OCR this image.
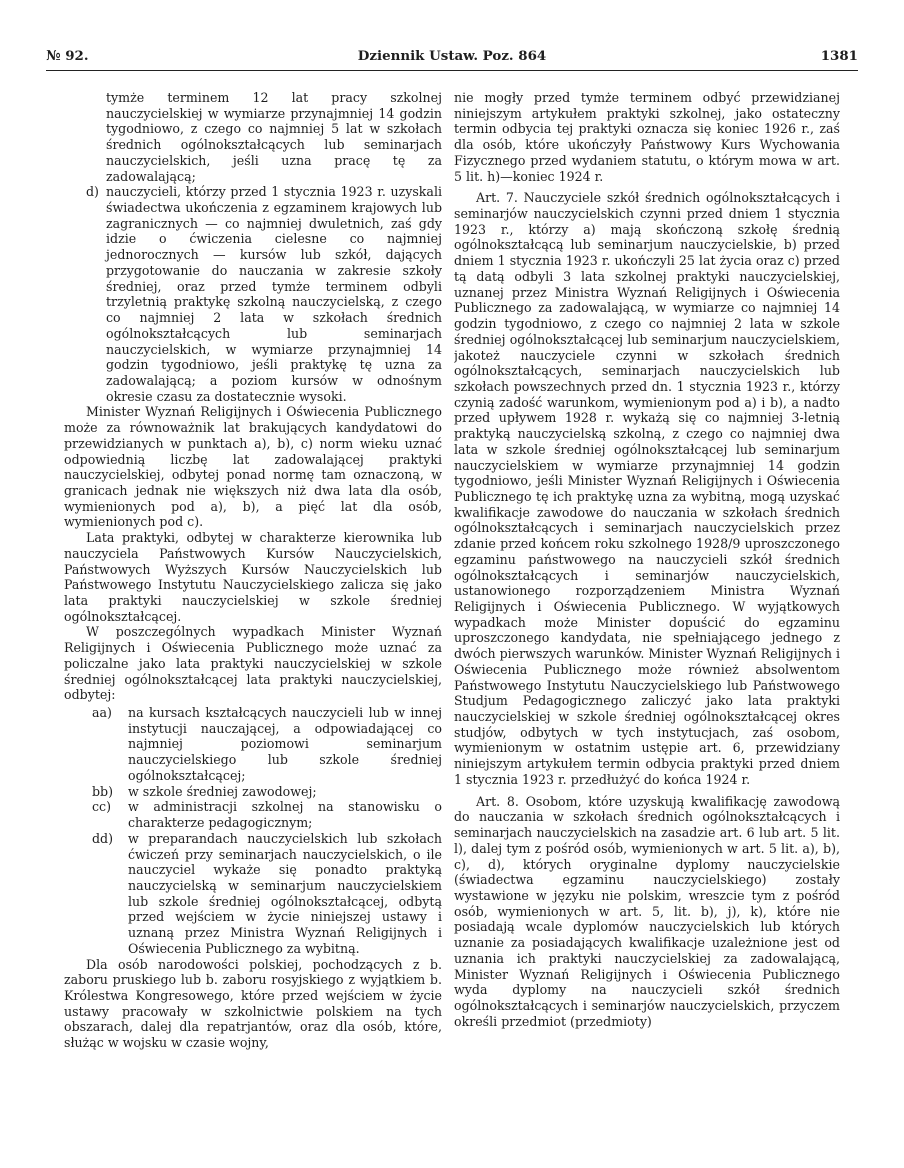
№ 92.	Dziennik Ustaw. Poz. 864	1381

tymże terminem 12 lat pracy szkolnej nauczycielskiej w wymiarze przynajmniej 14 godzin tygodniowo, z czego co najmniej 5 lat w szkołach średnich ogólnokształcących lub seminarjach nauczycielskich, jeśli uzna pracę tę za zadowalającą;

d) nauczycieli, którzy przed 1 stycznia 1923 r. uzyskali świadectwa ukończenia z egzaminem krajowych lub zagranicznych — co najmniej dwuletnich, zaś gdy idzie o ćwiczenia cielesne co najmniej jednorocznych — kursów lub szkół, dających przygotowanie do nauczania w zakresie szkoły średniej, oraz przed tymże terminem odbyli trzyletnią praktykę szkolną nauczycielską, z czego co najmniej 2 lata w szkołach średnich ogólnokształcących lub seminarjach nauczycielskich, w wymiarze przynajmniej 14 godzin tygodniowo, jeśli praktykę tę uzna za zadowalającą; a poziom kursów w odnośnym okresie czasu za dostatecznie wysoki.

Minister Wyznań Religijnych i Oświecenia Publicznego może za równoważnik lat brakujących kandydatowi do przewidzianych w punktach a), b), c) norm wieku uznać odpowiednią liczbę lat zadowalającej praktyki nauczycielskiej, odbytej ponad normę tam oznaczoną, w granicach jednak nie większych niż dwa lata dla osób, wymienionych pod a), b), a pięć lat dla osób, wymienionych pod c).

Lata praktyki, odbytej w charakterze kierownika lub nauczyciela Państwowych Kursów Nauczycielskich, Państwowych Wyższych Kursów Nauczycielskich lub Państwowego Instytutu Nauczycielskiego zalicza się jako lata praktyki nauczycielskiej w szkole średniej ogólnokształcącej.

W poszczególnych wypadkach Minister Wyznań Religijnych i Oświecenia Publicznego może uznać za policzalne jako lata praktyki nauczycielskiej w szkole średniej ogólnokształcącej lata praktyki nauczycielskiej, odbytej:

aa) na kursach kształcących nauczycieli lub w innej instytucji nauczającej, a odpowiadającej co najmniej poziomowi seminarjum nauczycielskiego lub szkole średniej ogólnokształcącej;

bb) w szkole średniej zawodowej;

cc) w administracji szkolnej na stanowisku o charakterze pedagogicznym;

dd) w preparandach nauczycielskich lub szkołach ćwiczeń przy seminarjach nauczycielskich, o ile nauczyciel wykaże się ponadto praktyką nauczycielską w seminarjum nauczycielskiem lub szkole średniej ogólnokształcącej, odbytą przed wejściem w życie niniejszej ustawy i uznaną przez Ministra Wyznań Religijnych i Oświecenia Publicznego za wybitną.

Dla osób narodowości polskiej, pochodzących z b. zaboru pruskiego lub b. zaboru rosyjskiego z wyjątkiem b. Królestwa Kongresowego, które przed wejściem w życie ustawy pracowały w szkolnictwie polskiem na tych obszarach, dalej dla repatrjantów, oraz dla osób, które, służąc w wojsku w czasie wojny,

nie mogły przed tymże terminem odbyć przewidzianej niniejszym artykułem praktyki szkolnej, jako ostateczny termin odbycia tej praktyki oznacza się koniec 1926 r., zaś dla osób, które ukończyły Państwowy Kurs Wychowania Fizycznego przed wydaniem statutu, o którym mowa w art. 5 lit. h)—koniec 1924 r.

Art. 7. Nauczyciele szkół średnich ogólnokształcących i seminarjów nauczycielskich czynni przed dniem 1 stycznia 1923 r., którzy a) mają skończoną szkołę średnią ogólnokształcącą lub seminarjum nauczycielskie, b) przed dniem 1 stycznia 1923 r. ukończyli 25 lat życia oraz c) przed tą datą odbyli 3 lata szkolnej praktyki nauczycielskiej, uznanej przez Ministra Wyznań Religijnych i Oświecenia Publicznego za zadowalającą, w wymiarze co najmniej 14 godzin tygodniowo, z czego co najmniej 2 lata w szkole średniej ogólnokształcącej lub seminarjum nauczycielskiem, jakoteż nauczyciele czynni w szkołach średnich ogólnokształcących, seminarjach nauczycielskich lub szkołach powszechnych przed dn. 1 stycznia 1923 r., którzy czynią zadość warunkom, wymienionym pod a) i b), a nadto przed upływem 1928 r. wykażą się co najmniej 3-letnią praktyką nauczycielską szkolną, z czego co najmniej dwa lata w szkole średniej ogólnokształcącej lub seminarjum nauczycielskiem w wymiarze przynajmniej 14 godzin tygodniowo, jeśli Minister Wyznań Religijnych i Oświecenia Publicznego tę ich praktykę uzna za wybitną, mogą uzyskać kwalifikacje zawodowe do nauczania w szkołach średnich ogólnokształcących i seminarjach nauczycielskich przez zdanie przed końcem roku szkolnego 1928/9 uproszczonego egzaminu państwowego na nauczycieli szkół średnich ogólnokształcących i seminarjów nauczycielskich, ustanowionego rozporządzeniem Ministra Wyznań Religijnych i Oświecenia Publicznego. W wyjątkowych wypadkach może Minister dopuścić do egzaminu uproszczonego kandydata, nie spełniającego jednego z dwóch pierwszych warunków. Minister Wyznań Religijnych i Oświecenia Publicznego może również absolwentom Państwowego Instytutu Nauczycielskiego lub Państwowego Studjum Pedagogicznego zaliczyć jako lata praktyki nauczycielskiej w szkole średniej ogólnokształcącej okres studjów, odbytych w tych instytucjach, zaś osobom, wymienionym w ostatnim ustępie art. 6, przewidziany niniejszym artykułem termin odbycia praktyki przed dniem 1 stycznia 1923 r. przedłużyć do końca 1924 r.

Art. 8. Osobom, które uzyskują kwalifikację zawodową do nauczania w szkołach średnich ogólnokształcących i seminarjach nauczycielskich na zasadzie art. 6 lub art. 5 lit. l), dalej tym z pośród osób, wymienionych w art. 5 lit. a), b), c), d), których oryginalne dyplomy nauczycielskie (świadectwa egzaminu nauczycielskiego) zostały wystawione w języku nie polskim, wreszcie tym z pośród osób, wymienionych w art. 5, lit. b), j), k), które nie posiadają wcale dyplomów nauczycielskich lub których uznanie za posiadających kwalifikacje uzależnione jest od uznania ich praktyki nauczycielskiej za zadowalającą, Minister Wyznań Religijnych i Oświecenia Publicznego wyda dyplomy na nauczycieli szkół średnich ogólnokształcących i seminarjów nauczycielskich, przyczem określi przedmiot (przedmioty)
